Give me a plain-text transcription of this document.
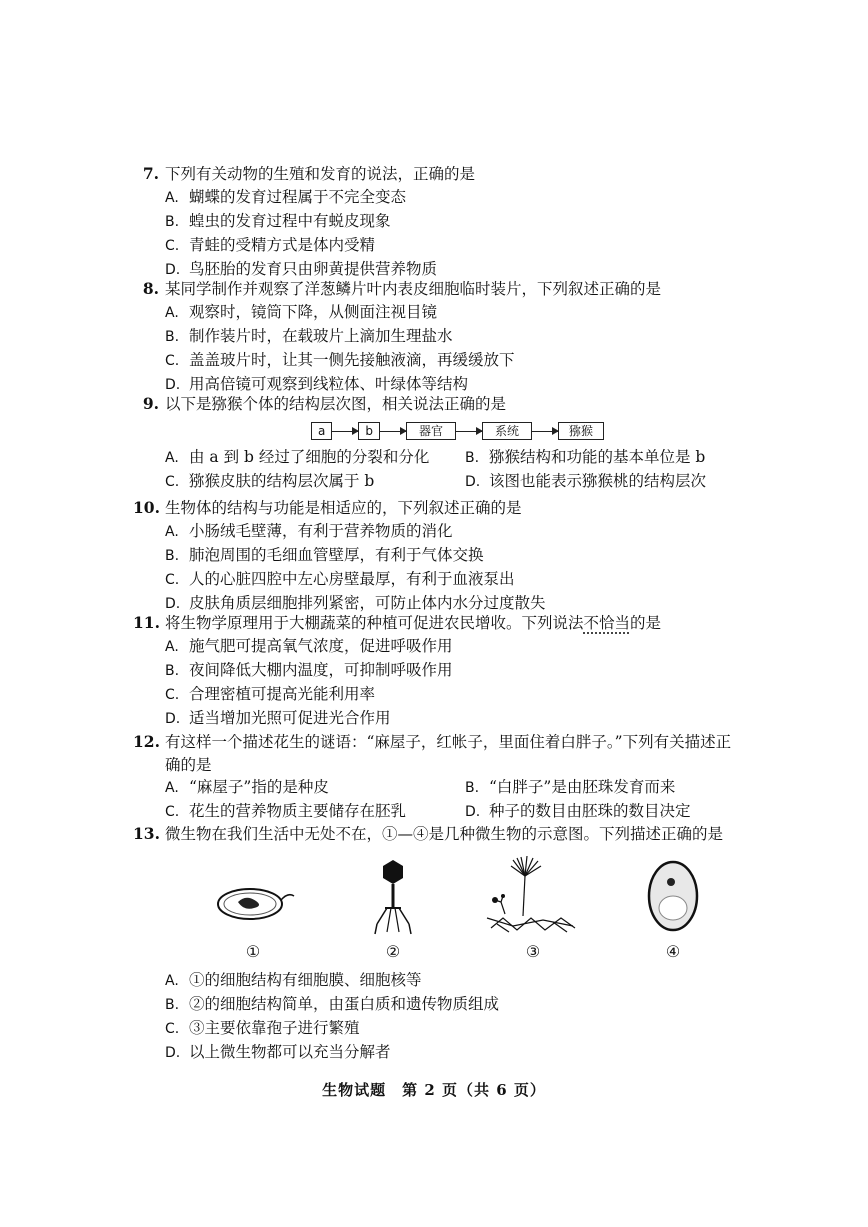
7. 下列有关动物的生殖和发育的说法，正确的是
A. 蝴蝶的发育过程属于不完全变态
B. 蝗虫的发育过程中有蜕皮现象
C. 青蛙的受精方式是体内受精
D. 鸟胚胎的发育只由卵黄提供营养物质
8. 某同学制作并观察了洋葱鳞片叶内表皮细胞临时装片，下列叙述正确的是
A. 观察时，镜筒下降，从侧面注视目镜
B. 制作装片时，在载玻片上滴加生理盐水
C. 盖盖玻片时，让其一侧先接触液滴，再缓缓放下
D. 用高倍镜可观察到线粒体、叶绿体等结构
9. 以下是猕猴个体的结构层次图，相关说法正确的是
a	b	器官	系统	猕猴
A. 由 a 到 b 经过了细胞的分裂和分化	B. 猕猴结构和功能的基本单位是 b
C. 猕猴皮肤的结构层次属于 b	D. 该图也能表示猕猴桃的结构层次
10. 生物体的结构与功能是相适应的，下列叙述正确的是
A. 小肠绒毛壁薄，有利于营养物质的消化
B. 肺泡周围的毛细血管壁厚，有利于气体交换
C. 人的心脏四腔中左心房壁最厚，有利于血液泵出
D. 皮肤角质层细胞排列紧密，可防止体内水分过度散失
11. 将生物学原理用于大棚蔬菜的种植可促进农民增收。下列说法不恰当的是
A. 施气肥可提高氧气浓度，促进呼吸作用
B. 夜间降低大棚内温度，可抑制呼吸作用
C. 合理密植可提高光能利用率
D. 适当增加光照可促进光合作用
12. 有这样一个描述花生的谜语：“麻屋子，红帐子，里面住着白胖子。”下列有关描述正确的是
A. “麻屋子”指的是种皮	B. “白胖子”是由胚珠发育而来
C. 花生的营养物质主要储存在胚乳	D. 种子的数目由胚珠的数目决定
13. 微生物在我们生活中无处不在，①—④是几种微生物的示意图。下列描述正确的是
①	②	③	④
A. ①的细胞结构有细胞膜、细胞核等
B. ②的细胞结构简单，由蛋白质和遗传物质组成
C. ③主要依靠孢子进行繁殖
D. 以上微生物都可以充当分解者
生物试题　第 2 页（共 6 页）
